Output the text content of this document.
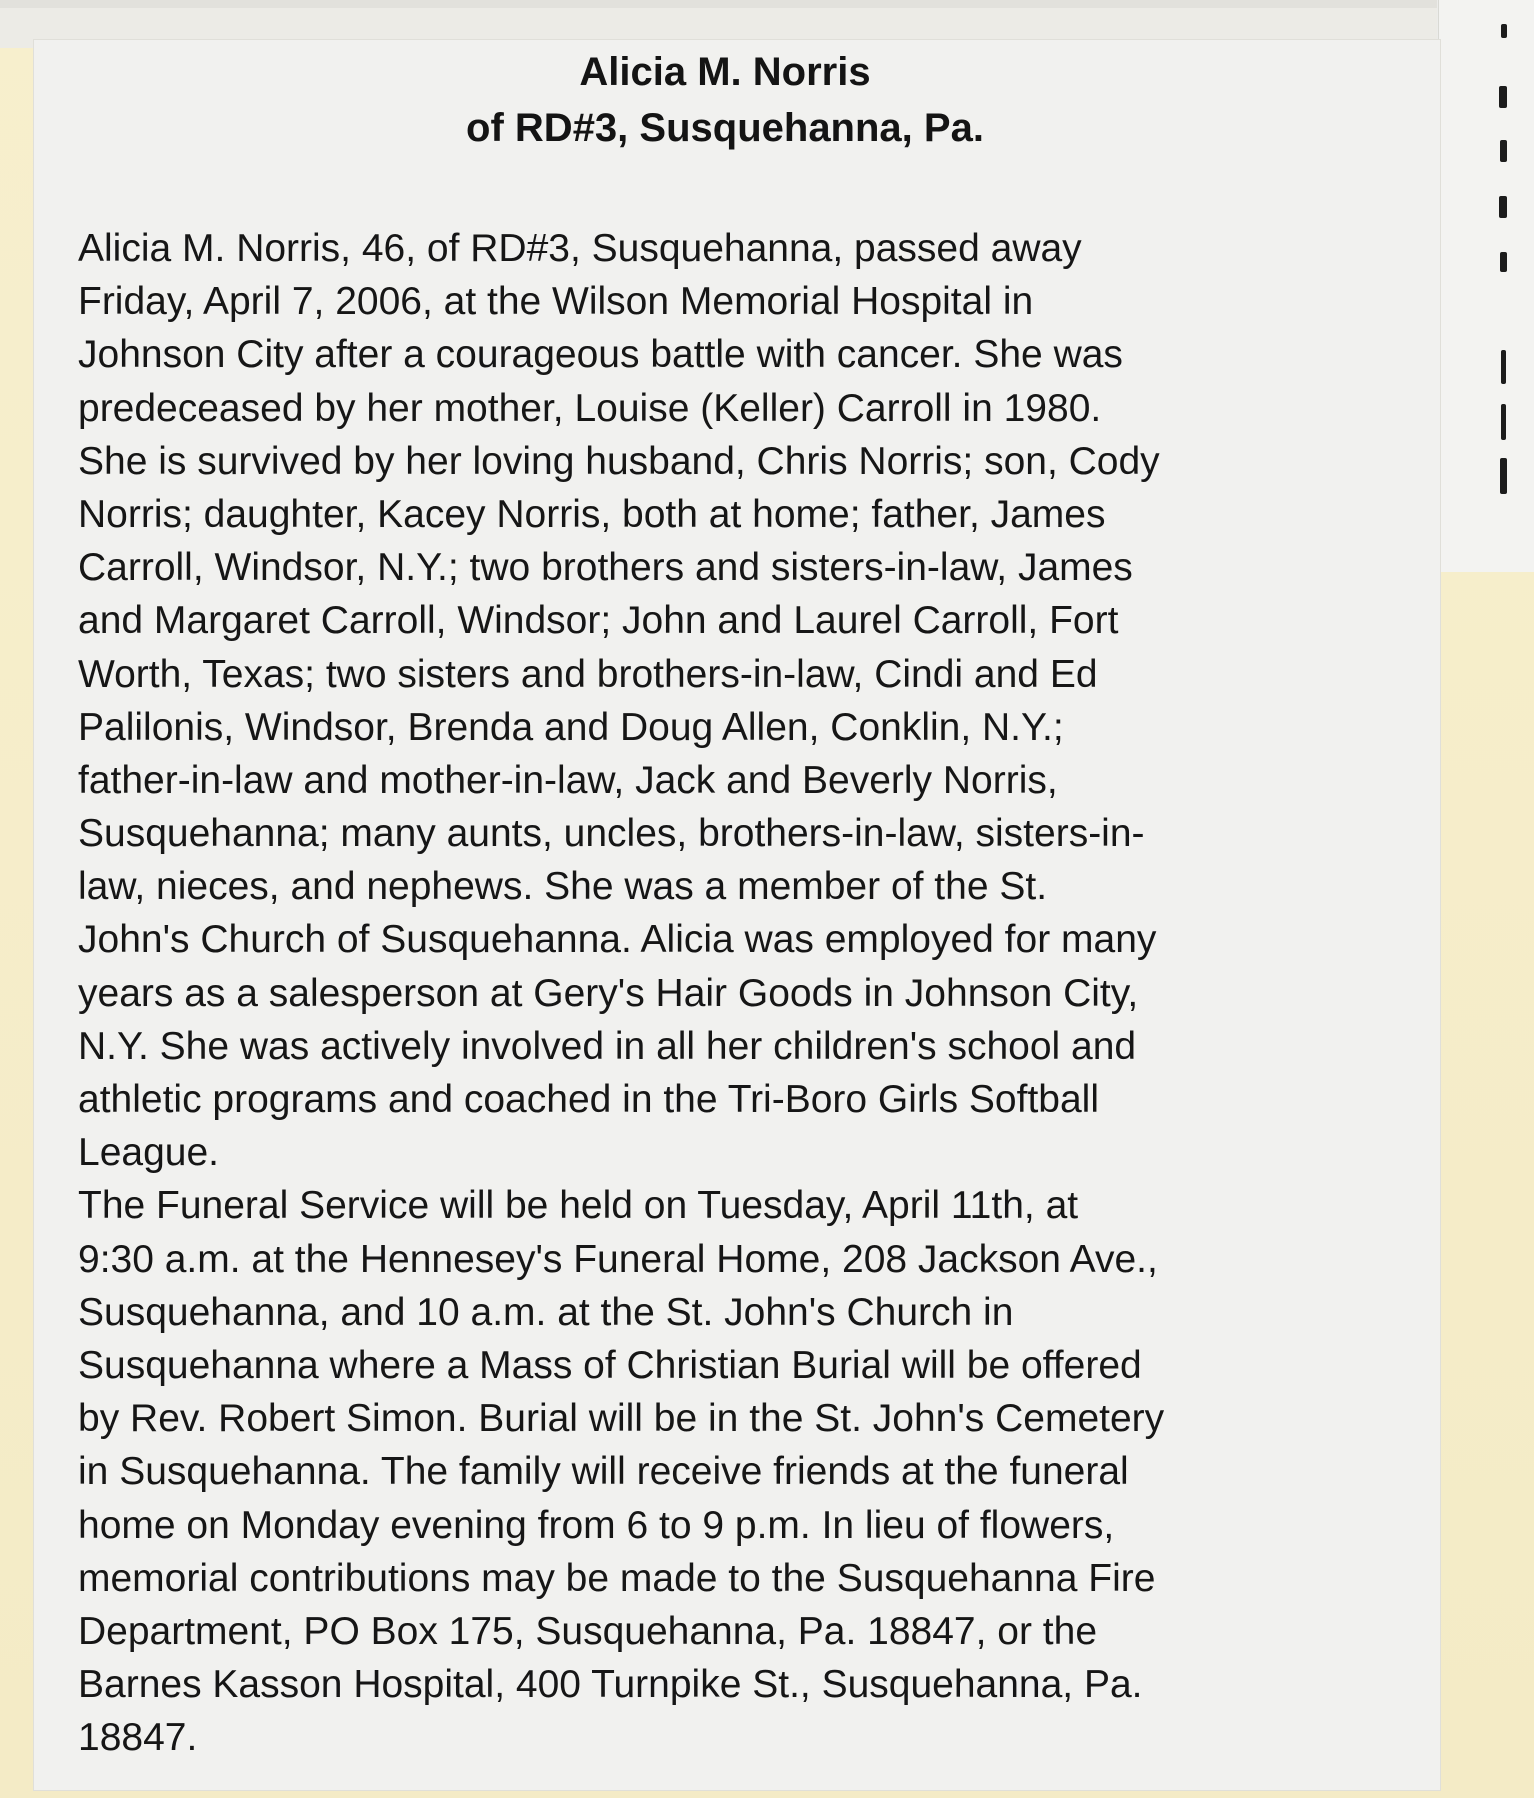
Alicia M. Norris
of RD#3, Susquehanna, Pa.
Alicia M. Norris, 46, of RD#3, Susquehanna, passed away
Friday, April 7, 2006, at the Wilson Memorial Hospital in
Johnson City after a courageous battle with cancer. She was
predeceased by her mother, Louise (Keller) Carroll in 1980.
She is survived by her loving husband, Chris Norris; son, Cody
Norris; daughter, Kacey Norris, both at home; father, James
Carroll, Windsor, N.Y.; two brothers and sisters-in-law, James
and Margaret Carroll, Windsor; John and Laurel Carroll, Fort
Worth, Texas; two sisters and brothers-in-law, Cindi and Ed
Palilonis, Windsor, Brenda and Doug Allen, Conklin, N.Y.;
father-in-law and mother-in-law, Jack and Beverly Norris,
Susquehanna; many aunts, uncles, brothers-in-law, sisters-in-
law, nieces, and nephews. She was a member of the St.
John's Church of Susquehanna. Alicia was employed for many
years as a salesperson at Gery's Hair Goods in Johnson City,
N.Y. She was actively involved in all her children's school and
athletic programs and coached in the Tri-Boro Girls Softball
League.
The Funeral Service will be held on Tuesday, April 11th, at
9:30 a.m. at the Hennesey's Funeral Home, 208 Jackson Ave.,
Susquehanna, and 10 a.m. at the St. John's Church in
Susquehanna where a Mass of Christian Burial will be offered
by Rev. Robert Simon. Burial will be in the St. John's Cemetery
in Susquehanna. The family will receive friends at the funeral
home on Monday evening from 6 to 9 p.m. In lieu of flowers,
memorial contributions may be made to the Susquehanna Fire
Department, PO Box 175, Susquehanna, Pa. 18847, or the
Barnes Kasson Hospital, 400 Turnpike St., Susquehanna, Pa.
18847.
